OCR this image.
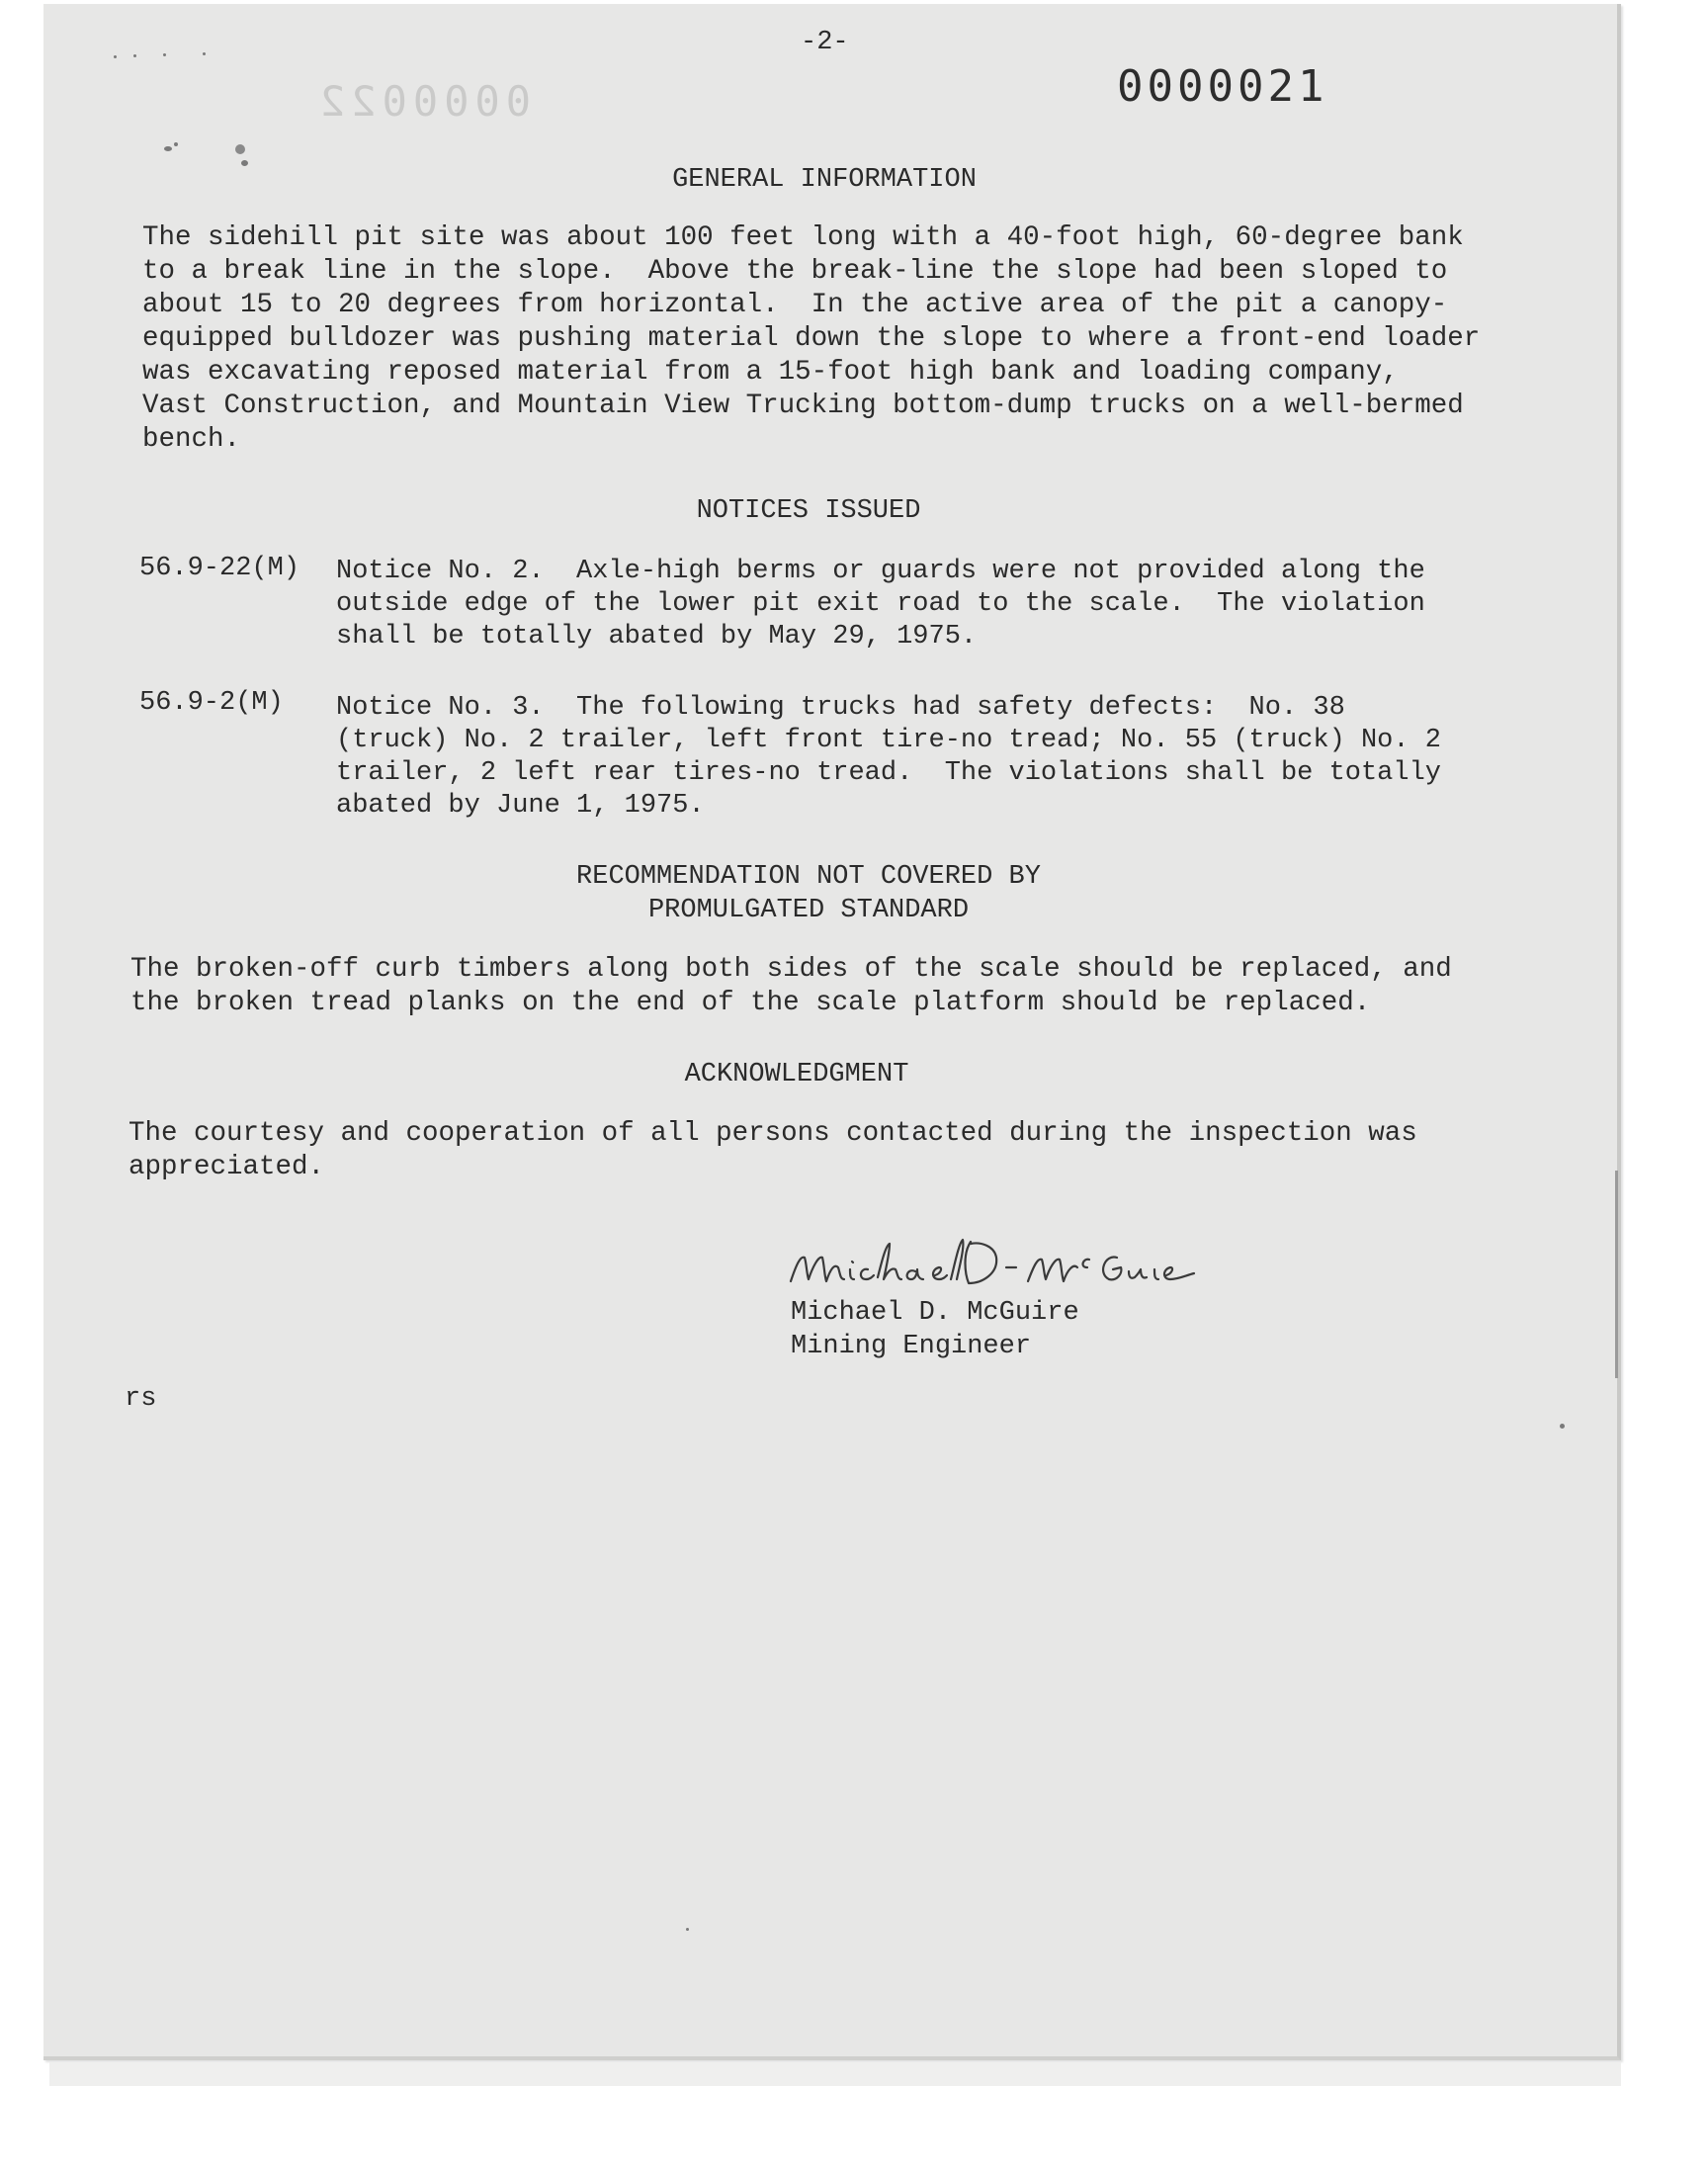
-2-
0000021
0000022
GENERAL INFORMATION
The sidehill pit site was about 100 feet long with a 40-foot high, 60-degree bank
to a break line in the slope.  Above the break-line the slope had been sloped to
about 15 to 20 degrees from horizontal.  In the active area of the pit a canopy-
equipped bulldozer was pushing material down the slope to where a front-end loader
was excavating reposed material from a 15-foot high bank and loading company,
Vast Construction, and Mountain View Trucking bottom-dump trucks on a well-bermed
bench.
NOTICES ISSUED
56.9-22(M) Notice No. 2.  Axle-high berms or guards were not provided along the
outside edge of the lower pit exit road to the scale.  The violation
shall be totally abated by May 29, 1975.
56.9-2(M) Notice No. 3.  The following trucks had safety defects:  No. 38
(truck) No. 2 trailer, left front tire-no tread; No. 55 (truck) No. 2
trailer, 2 left rear tires-no tread.  The violations shall be totally
abated by June 1, 1975.
RECOMMENDATION NOT COVERED BY
PROMULGATED STANDARD
The broken-off curb timbers along both sides of the scale should be replaced, and
the broken tread planks on the end of the scale platform should be replaced.
ACKNOWLEDGMENT
The courtesy and cooperation of all persons contacted during the inspection was
appreciated.
Michael D. McGuire
Mining Engineer
rs
